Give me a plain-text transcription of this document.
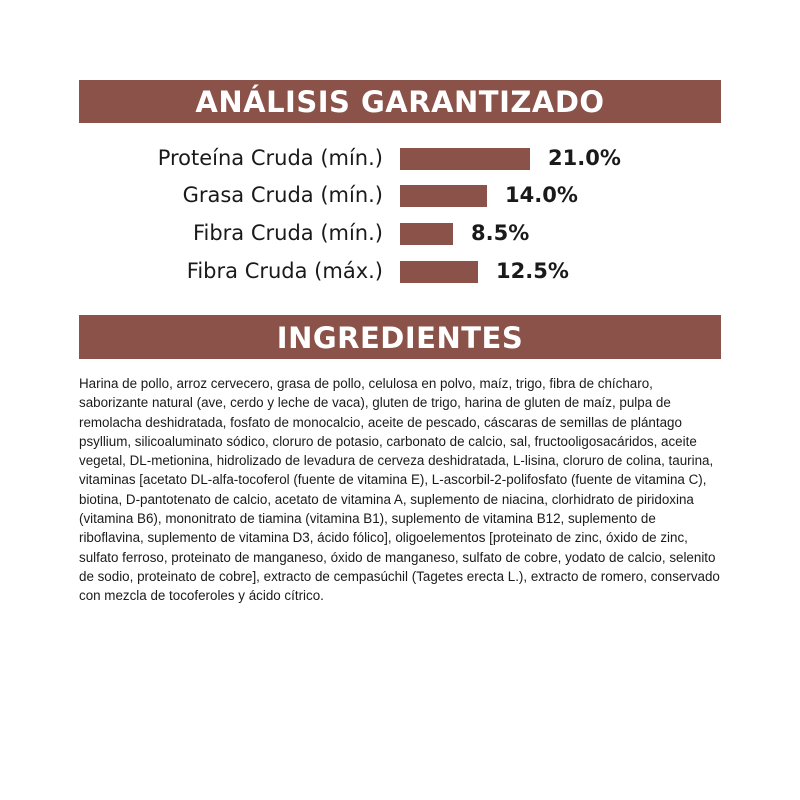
ANÁLISIS GARANTIZADO
Proteína Cruda (mín.)	21.0%
Grasa Cruda (mín.)	14.0%
Fibra Cruda (mín.)	8.5%
Fibra Cruda (máx.)	12.5%
INGREDIENTES

Harina de pollo, arroz cervecero, grasa de pollo, celulosa en polvo, maíz, trigo, fibra de chícharo, saborizante natural (ave, cerdo y leche de vaca), gluten de trigo, harina de gluten de maíz, pulpa de remolacha deshidratada, fosfato de monocalcio, aceite de pescado, cáscaras de semillas de plántago psyllium, silicoaluminato sódico, cloruro de potasio, carbonato de calcio, sal, fructooligosacáridos, aceite vegetal, DL-metionina, hidrolizado de levadura de cerveza deshidratada, L-lisina, cloruro de colina, taurina, vitaminas [acetato DL-alfa-tocoferol (fuente de vitamina E), L-ascorbil-2-polifosfato (fuente de vitamina C), biotina, D-pantotenato de calcio, acetato de vitamina A, suplemento de niacina, clorhidrato de piridoxina (vitamina B6), mononitrato de tiamina (vitamina B1), suplemento de vitamina B12, suplemento de riboflavina, suplemento de vitamina D3, ácido fólico], oligoelementos [proteinato de zinc, óxido de zinc, sulfato ferroso, proteinato de manganeso, óxido de manganeso, sulfato de cobre, yodato de calcio, selenito de sodio, proteinato de cobre], extracto de cempasúchil (Tagetes erecta L.), extracto de romero, conservado con mezcla de tocoferoles y ácido cítrico.
